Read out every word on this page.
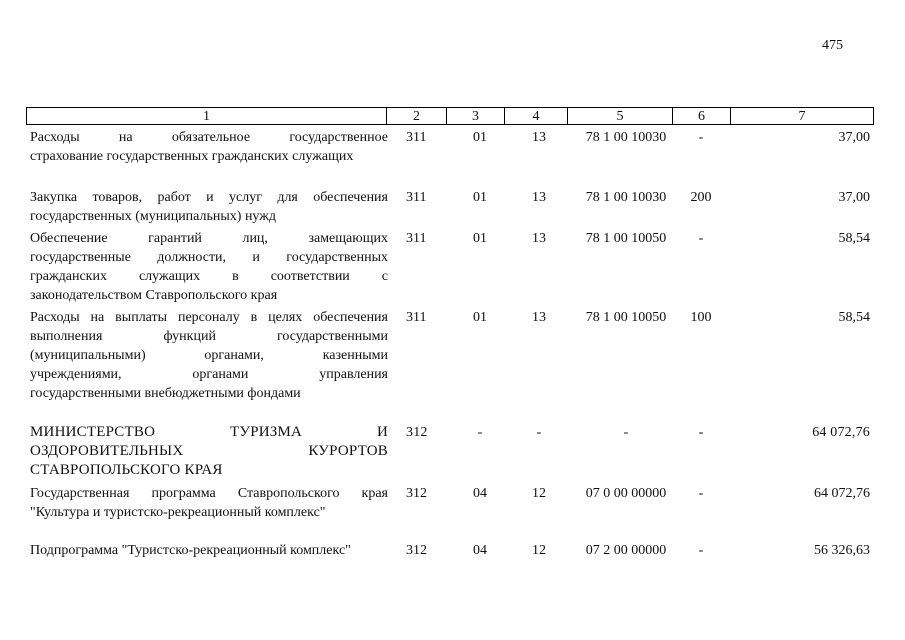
475
1	2	3	4	5	6	7
Расходы на обязательное государственное
страхование государственных гражданских служащих
311	01	13	78 1 00 10030	-	37,00
Закупка товаров, работ и услуг для обеспечения
государственных (муниципальных) нужд
311	01	13	78 1 00 10030	200	37,00
Обеспечение гарантий лиц, замещающих
государственные должности, и государственных
гражданских служащих в соответствии с
законодательством Ставропольского края
311	01	13	78 1 00 10050	-	58,54
Расходы на выплаты персоналу в целях обеспечения
выполнения функций государственными
(муниципальными) органами, казенными
учреждениями, органами управления
государственными внебюджетными фондами
311	01	13	78 1 00 10050	100	58,54
МИНИСТЕРСТВО ТУРИЗМА И
ОЗДОРОВИТЕЛЬНЫХ КУРОРТОВ
СТАВРОПОЛЬСКОГО КРАЯ
312	-	-	-	-	64 072,76
Государственная программа Ставропольского края
"Культура и туристско-рекреационный комплекс"
312	04	12	07 0 00 00000	-	64 072,76
Подпрограмма "Туристско-рекреационный комплекс"	312	04	12	07 2 00 00000	-	56 326,63
